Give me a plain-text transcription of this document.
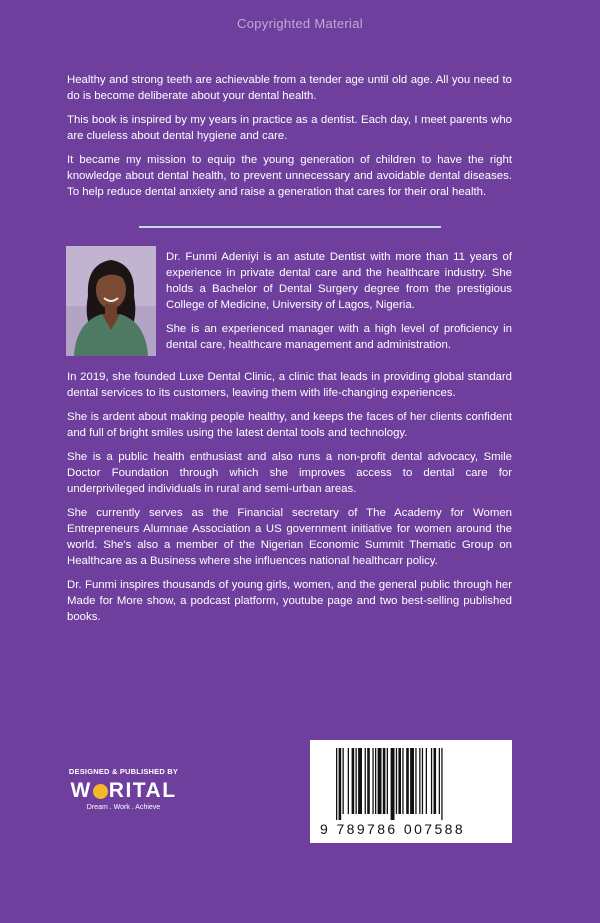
Copyrighted Material

Healthy and strong teeth are achievable from a tender age until old age. All you need to do is become deliberate about your dental health.

This book is inspired by my years in practice as a dentist. Each day, I meet parents who are clueless about dental hygiene and care.

It became my mission to equip the young generation of children to have the right knowledge about dental health, to prevent unnecessary and avoidable dental diseases. To help reduce dental anxiety and raise a generation that cares for their oral health.

Dr. Funmi Adeniyi is an astute Dentist with more than 11 years of experience in private dental care and the healthcare industry. She holds a Bachelor of Dental Surgery degree from the prestigious College of Medicine, University of Lagos, Nigeria.

She is an experienced manager with a high level of proficiency in dental care, healthcare management and administration.

In 2019, she founded Luxe Dental Clinic, a clinic that leads in providing global standard dental services to its customers, leaving them with life-changing experiences.

She is ardent about making people healthy, and keeps the faces of her clients confident and full of bright smiles using the latest dental tools and technology.

She is a public health enthusiast and also runs a non-profit dental advocacy, Smile Doctor Foundation through which she improves access to dental care for underprivileged individuals in rural and semi-urban areas.

She currently serves as the Financial secretary of The Academy for Women Entrepreneurs Alumnae Association a US government initiative for women around the world. She's also a member of the Nigerian Economic Summit Thematic Group on Healthcare as a Business where she influences national healthcarr policy.

Dr. Funmi inspires thousands of young girls, women, and the general public through her Made for More show, a podcast platform, youtube page and two best-selling published books.

DESIGNED & PUBLISHED BY
W RITAL
Dream . Work . Achieve
9 789786 007588
